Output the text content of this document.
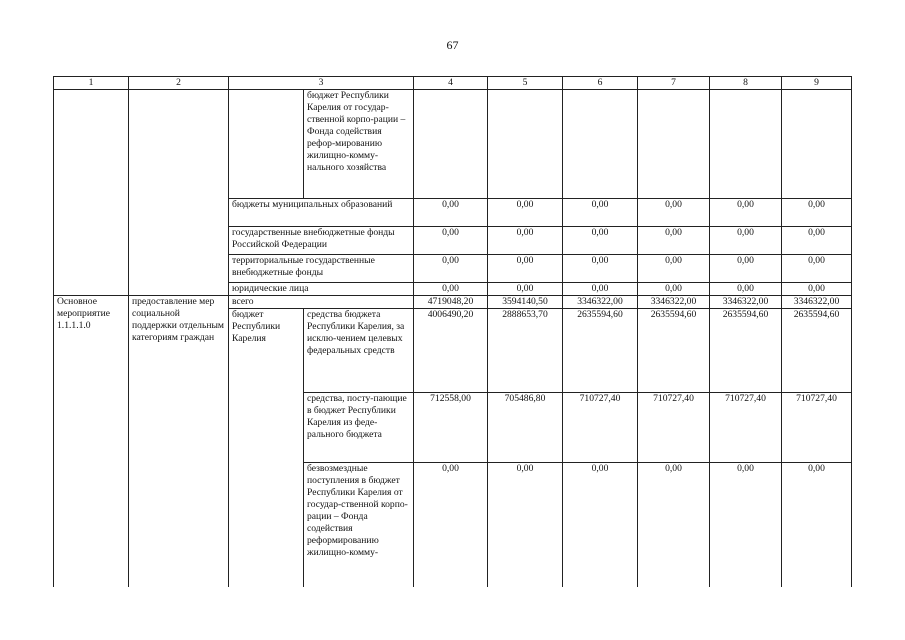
67
1	2	3		4	5	6	7	8	9
			бюджет Республики Карелия от государ-ственной корпо-рации – Фонда содействия рефор-мированию жилищно-комму-нального хозяйства						
		бюджеты муниципальных образований		0,00	0,00	0,00	0,00	0,00	0,00
		государственные внебюджетные фонды Российской Федерации		0,00	0,00	0,00	0,00	0,00	0,00
		территориальные государственные внебюджетные фонды		0,00	0,00	0,00	0,00	0,00	0,00
		юридические лица		0,00	0,00	0,00	0,00	0,00	0,00
Основное мероприятие 1.1.1.1.0	предоставление мер социальной поддержки отдельным категориям граждан	всего		4719048,20	3594140,50	3346322,00	3346322,00	3346322,00	3346322,00
		бюджет Республики Карелия	средства бюджета Республики Карелия, за исклю-чением целевых федеральных средств	4006490,20	2888653,70	2635594,60	2635594,60	2635594,60	2635594,60
			средства, посту-пающие в бюджет Республики Карелия из феде-рального бюджета	712558,00	705486,80	710727,40	710727,40	710727,40	710727,40
			безвозмездные поступления в бюджет Республики Карелия от государ-ственной корпо-рации – Фонда содействия реформированию жилищно-комму-	0,00	0,00	0,00	0,00	0,00	0,00
